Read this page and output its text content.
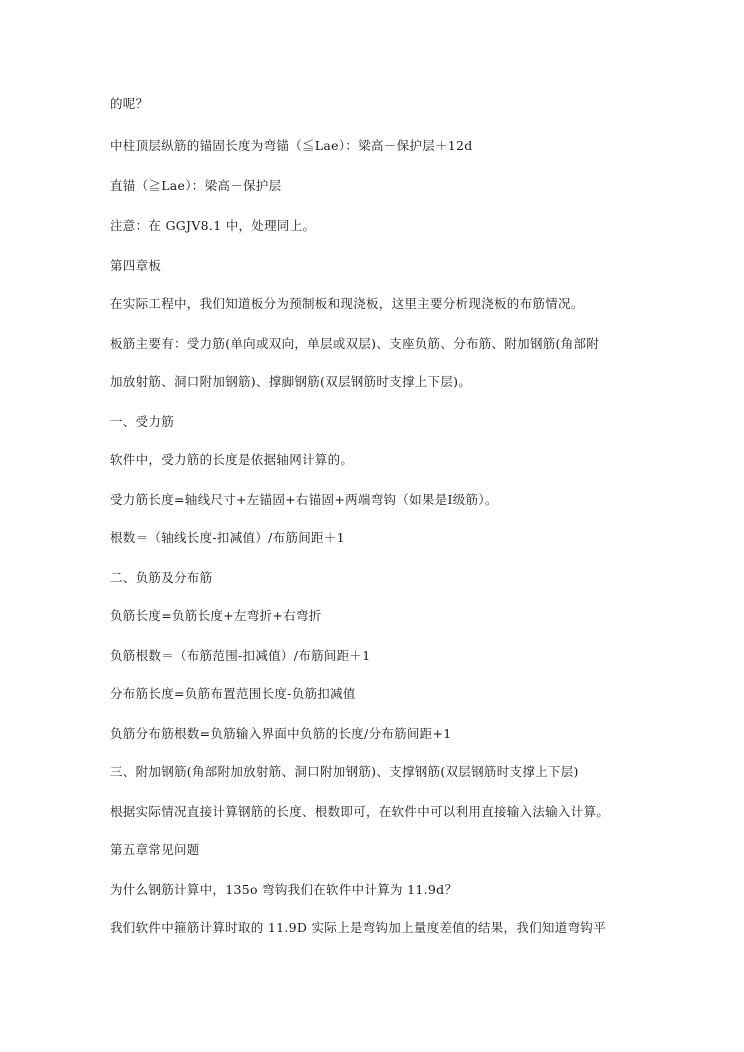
的呢？
中柱顶层纵筋的锚固长度为弯锚（≦Lae）：梁高－保护层＋12d
直锚（≧Lae）：梁高－保护层
注意：在 GGJV8.1 中，处理同上。
第四章板
在实际工程中，我们知道板分为预制板和现浇板，这里主要分析现浇板的布筋情况。
板筋主要有：受力筋(单向或双向，单层或双层)、支座负筋、分布筋、附加钢筋(角部附
加放射筋、洞口附加钢筋)、撑脚钢筋(双层钢筋时支撑上下层)。
一、受力筋
软件中，受力筋的长度是依据轴网计算的。
受力筋长度=轴线尺寸+左锚固+右锚固+两端弯钩（如果是Ⅰ级筋）。
根数＝（轴线长度-扣减值）/布筋间距＋1
二、负筋及分布筋
负筋长度=负筋长度+左弯折+右弯折
负筋根数＝（布筋范围-扣减值）/布筋间距＋1
分布筋长度=负筋布置范围长度-负筋扣减值
负筋分布筋根数=负筋输入界面中负筋的长度/分布筋间距+1
三、附加钢筋(角部附加放射筋、洞口附加钢筋)、支撑钢筋(双层钢筋时支撑上下层)
根据实际情况直接计算钢筋的长度、根数即可，在软件中可以利用直接输入法输入计算。
第五章常见问题
为什么钢筋计算中，135o 弯钩我们在软件中计算为 11.9d？
我们软件中箍筋计算时取的 11.9D 实际上是弯钩加上量度差值的结果，我们知道弯钩平
